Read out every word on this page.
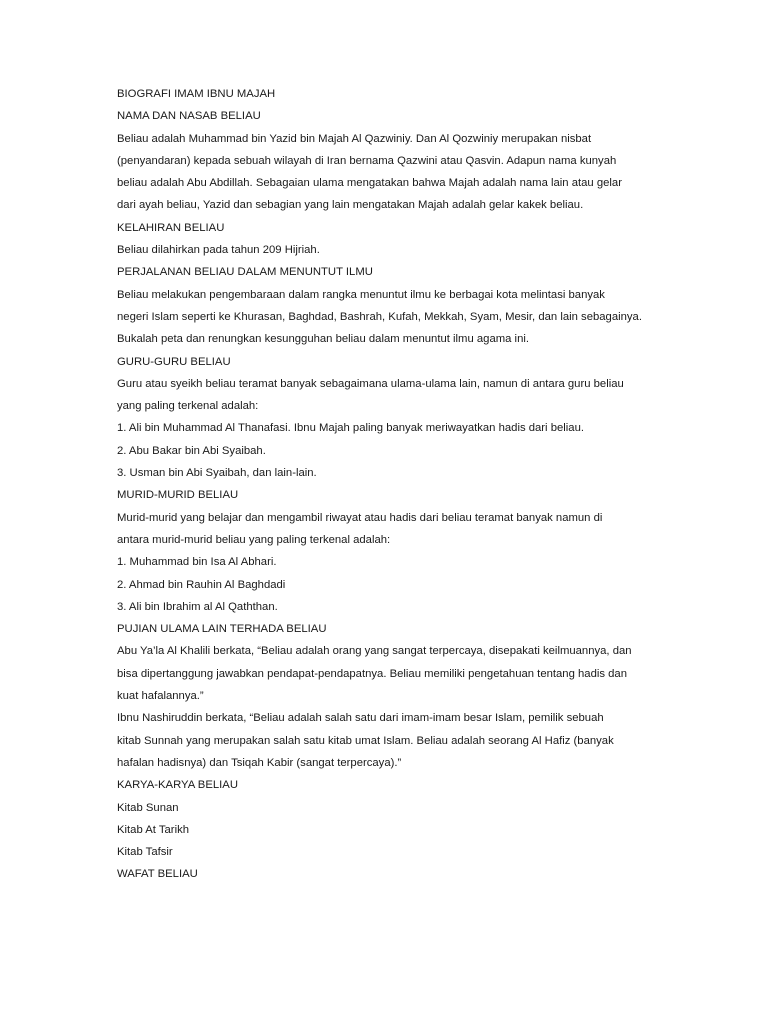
BIOGRAFI IMAM IBNU MAJAH
NAMA DAN NASAB BELIAU
Beliau adalah Muhammad bin Yazid bin Majah Al Qazwiniy. Dan Al Qozwiniy merupakan nisbat
(penyandaran) kepada sebuah wilayah di Iran bernama Qazwini atau Qasvin. Adapun nama kunyah
beliau adalah Abu Abdillah. Sebagaian ulama mengatakan bahwa Majah adalah nama lain atau gelar
dari ayah beliau, Yazid dan sebagian yang lain mengatakan Majah adalah gelar kakek beliau.
KELAHIRAN BELIAU
Beliau dilahirkan pada tahun 209 Hijriah.
PERJALANAN BELIAU DALAM MENUNTUT ILMU
Beliau melakukan pengembaraan dalam rangka menuntut ilmu ke berbagai kota melintasi banyak
negeri Islam seperti ke Khurasan, Baghdad, Bashrah, Kufah, Mekkah, Syam, Mesir, dan lain sebagainya.
Bukalah peta dan renungkan kesungguhan beliau dalam menuntut ilmu agama ini.
GURU-GURU BELIAU
Guru atau syeikh beliau teramat banyak sebagaimana ulama-ulama lain, namun di antara guru beliau
yang paling terkenal adalah:
1. Ali bin Muhammad Al Thanafasi. Ibnu Majah paling banyak meriwayatkan hadis dari beliau.
2. Abu Bakar bin Abi Syaibah.
3. Usman bin Abi Syaibah, dan lain-lain.
MURID-MURID BELIAU
Murid-murid yang belajar dan mengambil riwayat atau hadis dari beliau teramat banyak namun di
antara murid-murid beliau yang paling terkenal adalah:
1. Muhammad bin Isa Al Abhari.
2. Ahmad bin Rauhin Al Baghdadi
3. Ali bin Ibrahim al Al Qaththan.
PUJIAN ULAMA LAIN TERHADA BELIAU
Abu Ya’la Al Khalili berkata, “Beliau adalah orang yang sangat terpercaya, disepakati keilmuannya, dan
bisa dipertanggung jawabkan pendapat-pendapatnya. Beliau memiliki pengetahuan tentang hadis dan
kuat hafalannya.”
Ibnu Nashiruddin berkata, “Beliau adalah salah satu dari imam-imam besar Islam, pemilik sebuah
kitab Sunnah yang merupakan salah satu kitab umat Islam. Beliau adalah seorang Al Hafiz (banyak
hafalan hadisnya) dan Tsiqah Kabir (sangat terpercaya).”
KARYA-KARYA BELIAU
Kitab Sunan
Kitab At Tarikh
Kitab Tafsir
WAFAT BELIAU
